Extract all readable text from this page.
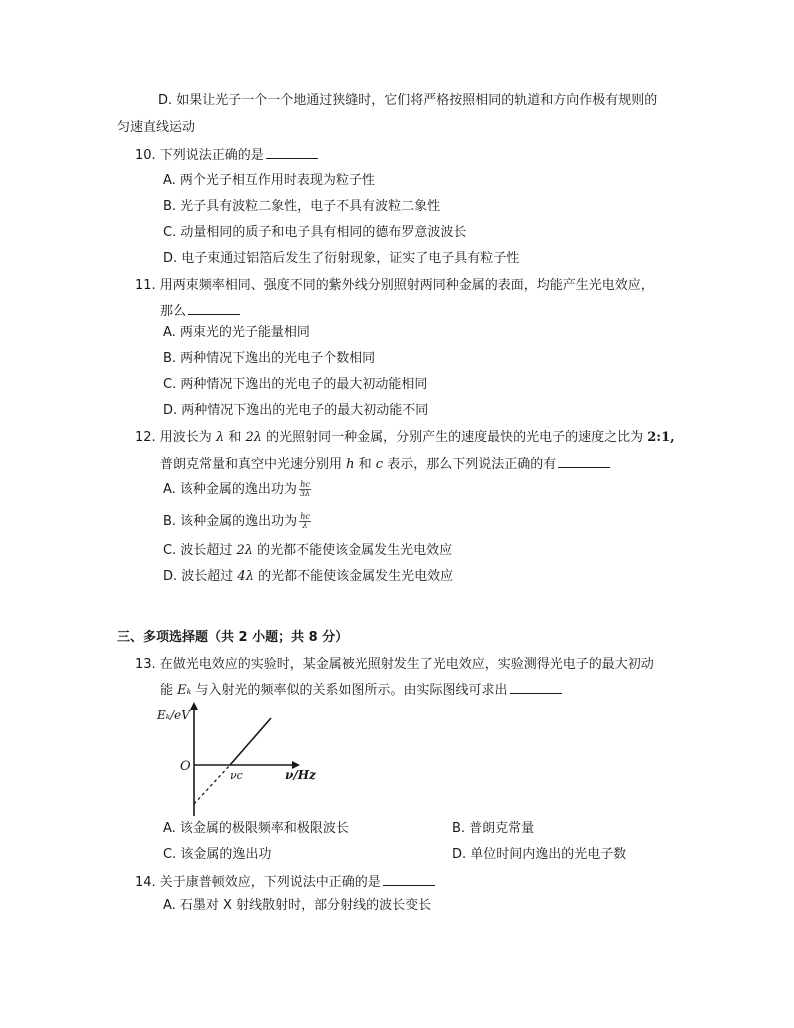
D. 如果让光子一个一个地通过狭缝时，它们将严格按照相同的轨道和方向作极有规则的
匀速直线运动
10. 下列说法正确的是
A. 两个光子相互作用时表现为粒子性
B. 光子具有波粒二象性，电子不具有波粒二象性
C. 动量相同的质子和电子具有相同的德布罗意波波长
D. 电子束通过铝箔后发生了衍射现象，证实了电子具有粒子性
11. 用两束频率相同、强度不同的紫外线分别照射两同种金属的表面，均能产生光电效应，
那么
A. 两束光的光子能量相同
B. 两种情况下逸出的光电子个数相同
C. 两种情况下逸出的光电子的最大初动能相同
D. 两种情况下逸出的光电子的最大初动能不同
12. 用波长为 λ 和 2λ 的光照射同一种金属，分别产生的速度最快的光电子的速度之比为 2:1,
普朗克常量和真空中光速分别用 h 和 c 表示，那么下列说法正确的有
A. 该种金属的逸出功为 $\frac{hc}{3\lambda}$
B. 该种金属的逸出功为 $\frac{hc}{\lambda}$
C. 波长超过 2λ 的光都不能使该金属发生光电效应
D. 波长超过 4λ 的光都不能使该金属发生光电效应
三、多项选择题（共 2 小题；共 8 分）
13. 在做光电效应的实验时，某金属被光照射发生了光电效应，实验测得光电子的最大初动
能 Eₖ 与入射光的频率似的关系如图所示。由实际图线可求出
Eₖ/eV
O
νc	ν/Hz
A. 该金属的极限频率和极限波长	B. 普朗克常量
C. 该金属的逸出功	D. 单位时间内逸出的光电子数
14. 关于康普顿效应，下列说法中正确的是
A. 石墨对 X 射线散射时，部分射线的波长变长
